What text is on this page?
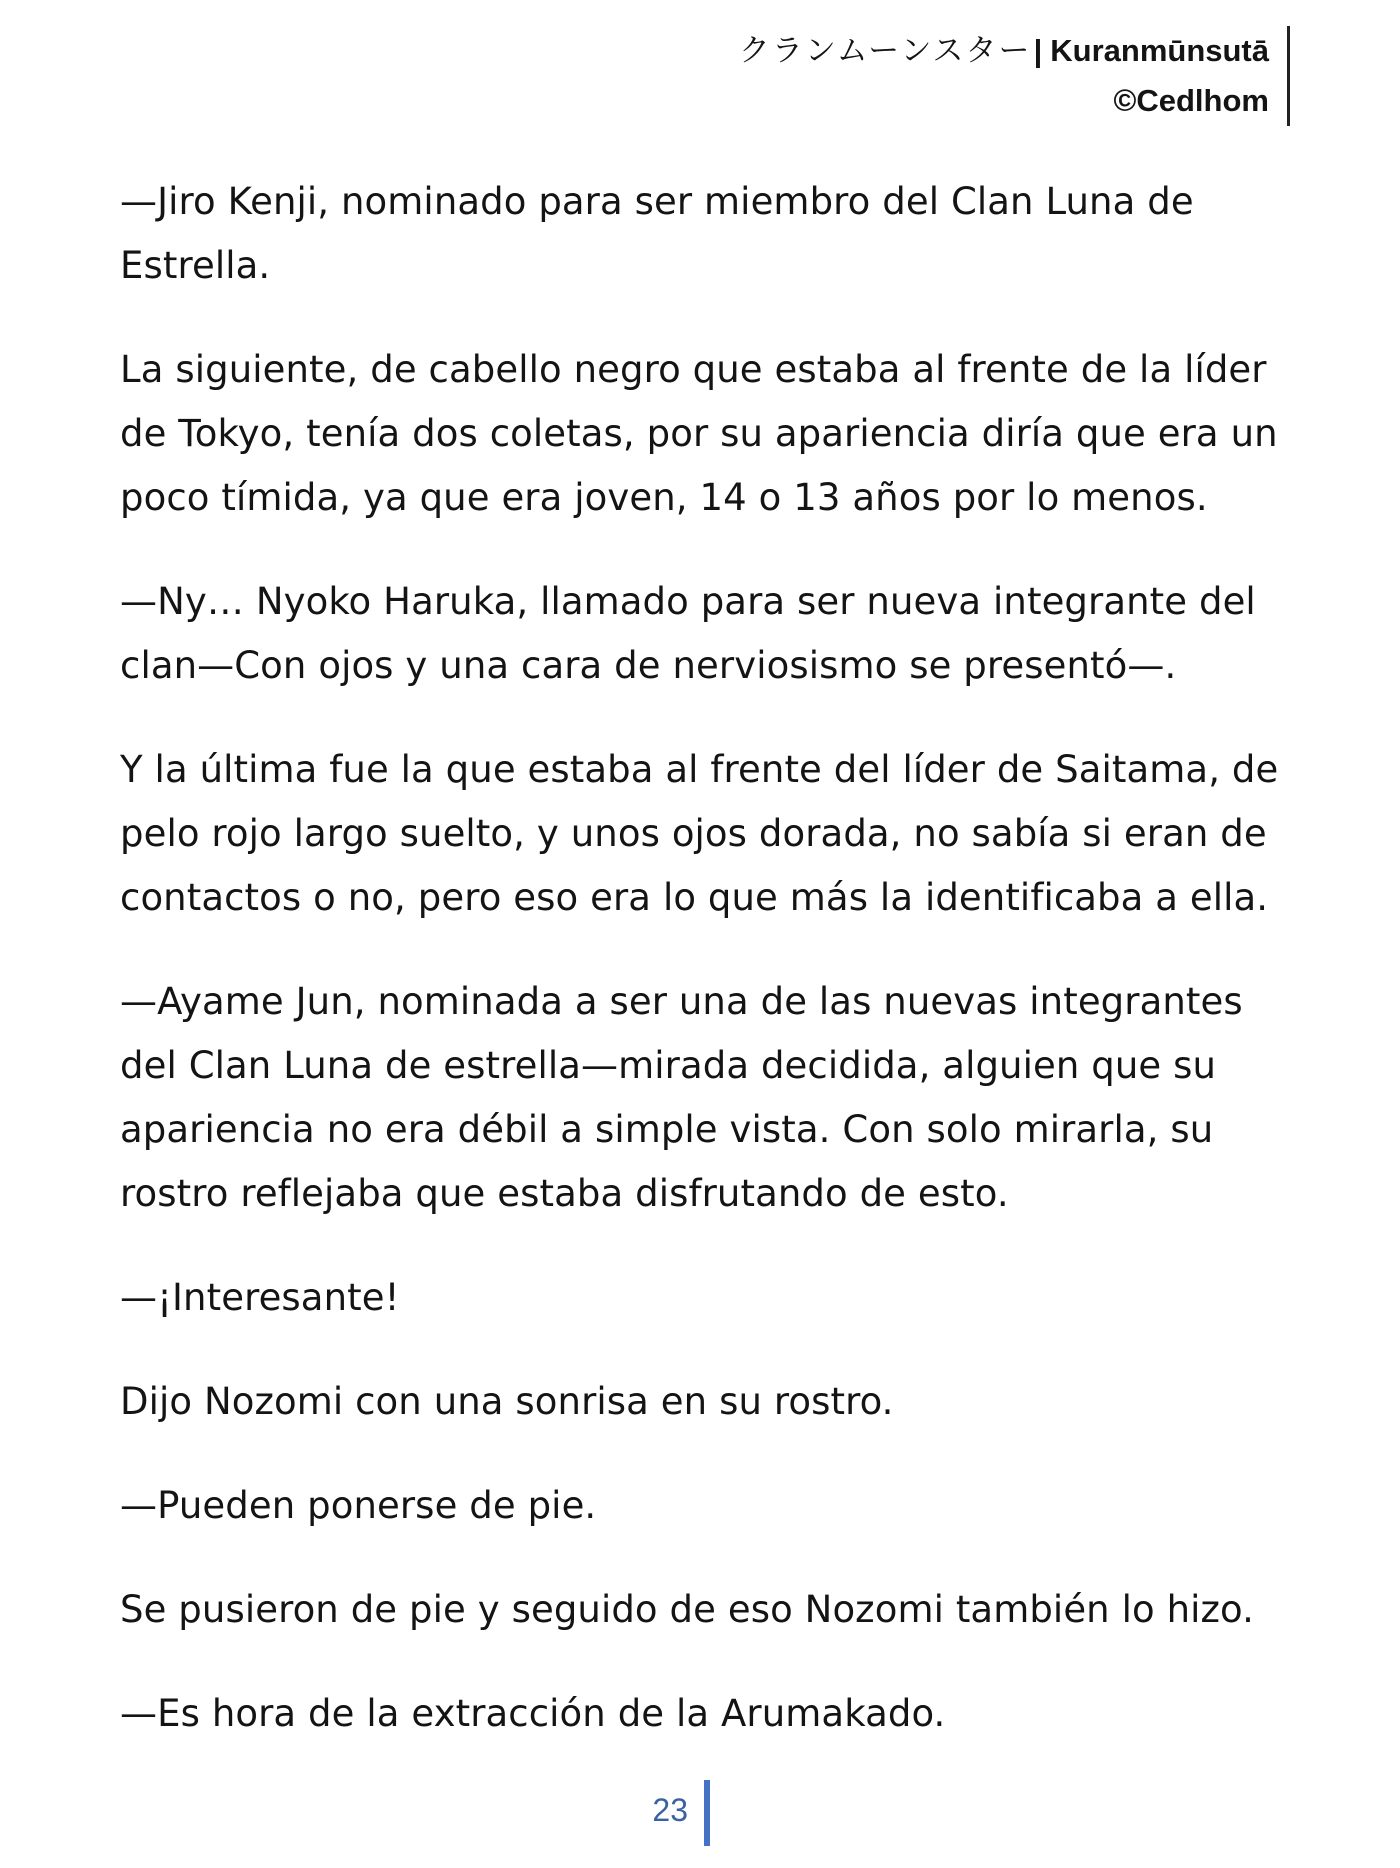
クランムーンスター| Kuranmūnsutā
©Cedlhom

—Jiro Kenji, nominado para ser miembro del Clan Luna de Estrella.

La siguiente, de cabello negro que estaba al frente de la líder de Tokyo, tenía dos coletas, por su apariencia diría que era un poco tímida, ya que era joven, 14 o 13 años por lo menos.

—Ny… Nyoko Haruka, llamado para ser nueva integrante del clan—Con ojos y una cara de nerviosismo se presentó—.

Y la última fue la que estaba al frente del líder de Saitama, de pelo rojo largo suelto, y unos ojos dorada, no sabía si eran de contactos o no, pero eso era lo que más la identificaba a ella.

—Ayame Jun, nominada a ser una de las nuevas integrantes del Clan Luna de estrella—mirada decidida, alguien que su apariencia no era débil a simple vista. Con solo mirarla, su rostro reflejaba que estaba disfrutando de esto.

—¡Interesante!

Dijo Nozomi con una sonrisa en su rostro.

—Pueden ponerse de pie.

Se pusieron de pie y seguido de eso Nozomi también lo hizo.

—Es hora de la extracción de la Arumakado.

23
